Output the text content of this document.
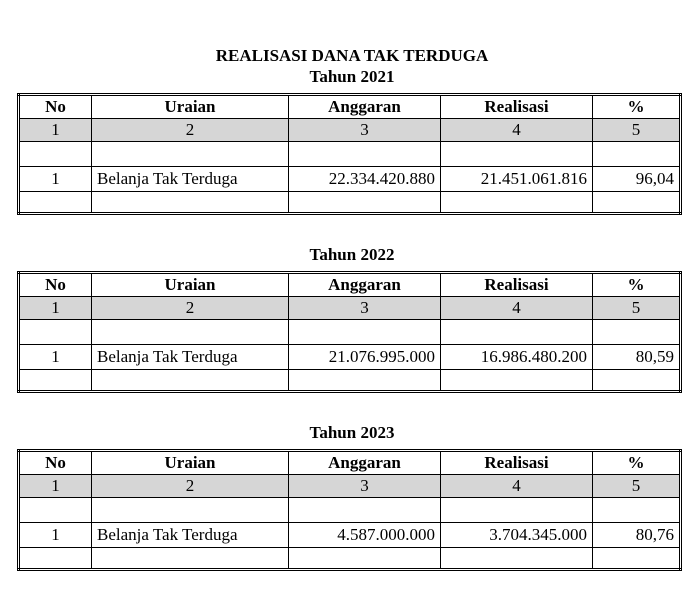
REALISASI DANA TAK TERDUGA
Tahun 2021
No	Uraian	Anggaran	Realisasi	%
1	2	3	4	5

1	Belanja Tak Terduga	22.334.420.880	21.451.061.816	96,04

Tahun 2022
No	Uraian	Anggaran	Realisasi	%
1	2	3	4	5

1	Belanja Tak Terduga	21.076.995.000	16.986.480.200	80,59

Tahun 2023
No	Uraian	Anggaran	Realisasi	%
1	2	3	4	5

1	Belanja Tak Terduga	4.587.000.000	3.704.345.000	80,76
